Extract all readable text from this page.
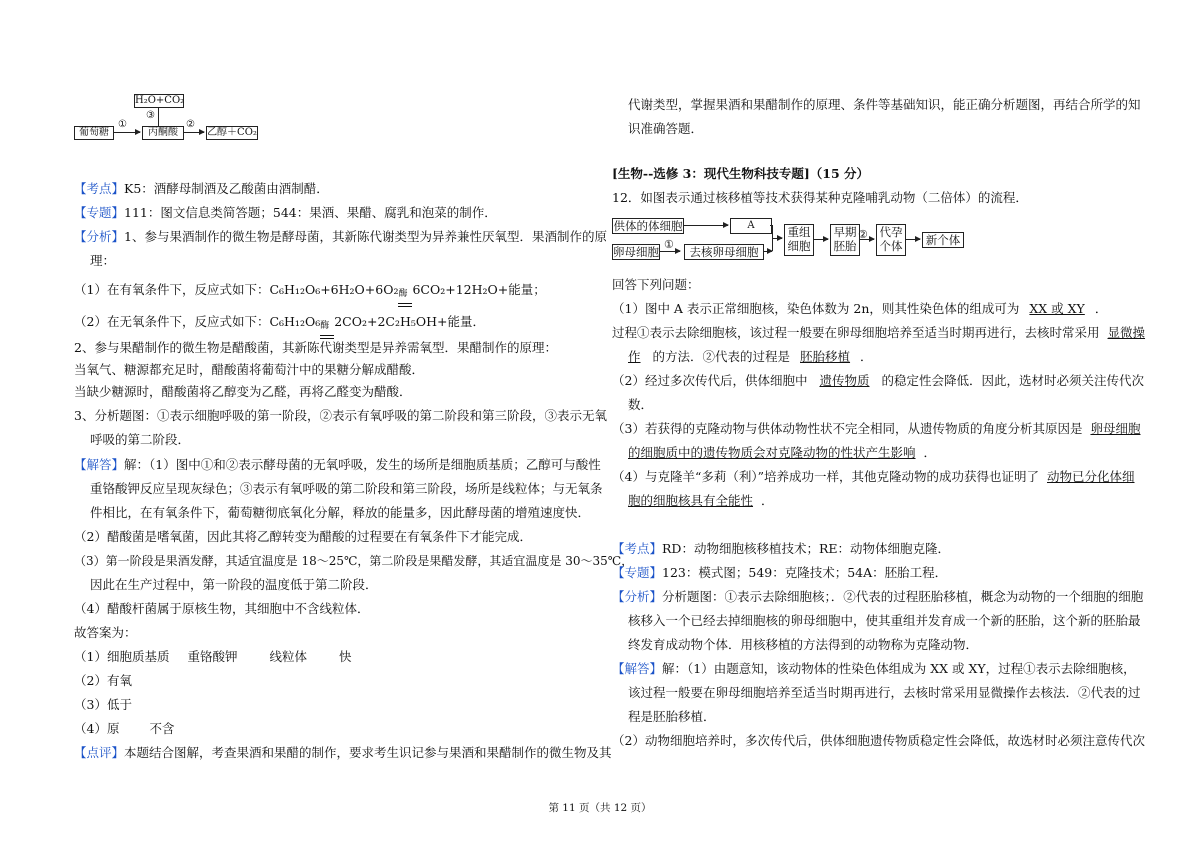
葡萄糖
①
丙酮酸
③
H₂O+CO₂
②
乙醇＋CO₂
【考点】K5：酒酵母制酒及乙酸菌由酒制醋．
【专题】111：图文信息类简答题；544：果酒、果醋、腐乳和泡菜的制作．
【分析】1、参与果酒制作的微生物是酵母菌，其新陈代谢类型为异养兼性厌氧型．果酒制作的原
理：
（1）在有氧条件下，反应式如下：C₆H₁₂O₆+6H₂O+6O₂ 酶 6CO₂+12H₂O+能量；
（2）在无氧条件下，反应式如下：C₆H₁₂O₆ 酶 2CO₂+2C₂H₅OH+能量．
2、参与果醋制作的微生物是醋酸菌，其新陈代谢类型是异养需氧型．果醋制作的原理：
当氧气、糖源都充足时，醋酸菌将葡萄汁中的果糖分解成醋酸．
当缺少糖源时，醋酸菌将乙醇变为乙醛，再将乙醛变为醋酸．
3、分析题图：①表示细胞呼吸的第一阶段，②表示有氧呼吸的第二阶段和第三阶段，③表示无氧
呼吸的第二阶段．
【解答】解：（1）图中①和②表示酵母菌的无氧呼吸，发生的场所是细胞质基质；乙醇可与酸性
重铬酸钾反应呈现灰绿色；③表示有氧呼吸的第二阶段和第三阶段，场所是线粒体；与无氧条
件相比，在有氧条件下，葡萄糖彻底氧化分解，释放的能量多，因此酵母菌的增殖速度快．
（2）醋酸菌是嗜氧菌，因此其将乙醇转变为醋酸的过程要在有氧条件下才能完成．
（3）第一阶段是果酒发酵，其适宜温度是 18～25℃，第二阶段是果醋发酵，其适宜温度是 30～35℃，
因此在生产过程中，第一阶段的温度低于第二阶段．
（4）醋酸杆菌属于原核生物，其细胞中不含线粒体．
故答案为：
（1）细胞质基质 重铬酸钾	线粒体	快
（2）有氧
（3）低于
（4）原 不含
【点评】本题结合图解，考查果酒和果醋的制作，要求考生识记参与果酒和果醋制作的微生物及其
代谢类型，掌握果酒和果醋制作的原理、条件等基础知识，能正确分析题图，再结合所学的知
识准确答题．
[生物--选修 3：现代生物科技专题]（15 分）
12．如图表示通过核移植等技术获得某种克隆哺乳动物（二倍体）的流程．
供体的体细胞	A
卵母细胞
①
去核卵母细胞
重组细胞
早期胚胎
②	代孕个体	新个体
回答下列问题：
（1）图中 A 表示正常细胞核，染色体数为 2n，则其性染色体的组成可为 XX 或 XY ．
过程①表示去除细胞核，该过程一般要在卵母细胞培养至适当时期再进行，去核时常采用 显微操
作 的方法．②代表的过程是 胚胎移植 ．
（2）经过多次传代后，供体细胞中 遗传物质 的稳定性会降低．因此，选材时必须关注传代次
数．
（3）若获得的克隆动物与供体动物性状不完全相同，从遗传物质的角度分析其原因是 卵母细胞
的细胞质中的遗传物质会对克隆动物的性状产生影响 ．
（4）与克隆羊“多莉（利）”培养成功一样，其他克隆动物的成功获得也证明了 动物已分化体细
胞的细胞核具有全能性 ．
【考点】RD：动物细胞核移植技术；RE：动物体细胞克隆．
【专题】123：模式图；549：克隆技术；54A：胚胎工程．
【分析】分析题图：①表示去除细胞核；．②代表的过程胚胎移植，概念为动物的一个细胞的细胞
核移入一个已经去掉细胞核的卵母细胞中，使其重组并发育成一个新的胚胎，这个新的胚胎最
终发育成动物个体．用核移植的方法得到的动物称为克隆动物．
【解答】解：（1）由题意知，该动物体的性染色体组成为 XX 或 XY，过程①表示去除细胞核，
该过程一般要在卵母细胞培养至适当时期再进行，去核时常采用显微操作去核法．②代表的过
程是胚胎移植．
（2）动物细胞培养时，多次传代后，供体细胞遗传物质稳定性会降低，故选材时必须注意传代次
第 11 页（共 12 页）
